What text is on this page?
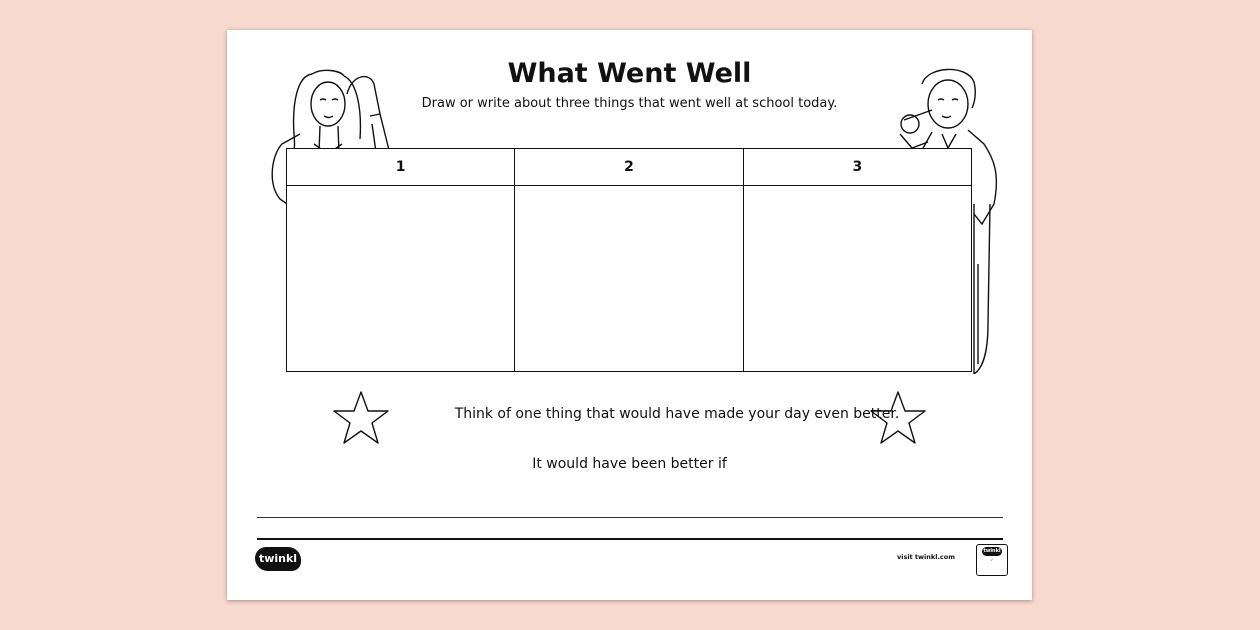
What Went Well
Draw or write about three things that went well at school today.
1	2	3
Think of one thing that would have made your day even better.
It would have been better if
twinkl	visit twinkl.com
twinkl
✓
